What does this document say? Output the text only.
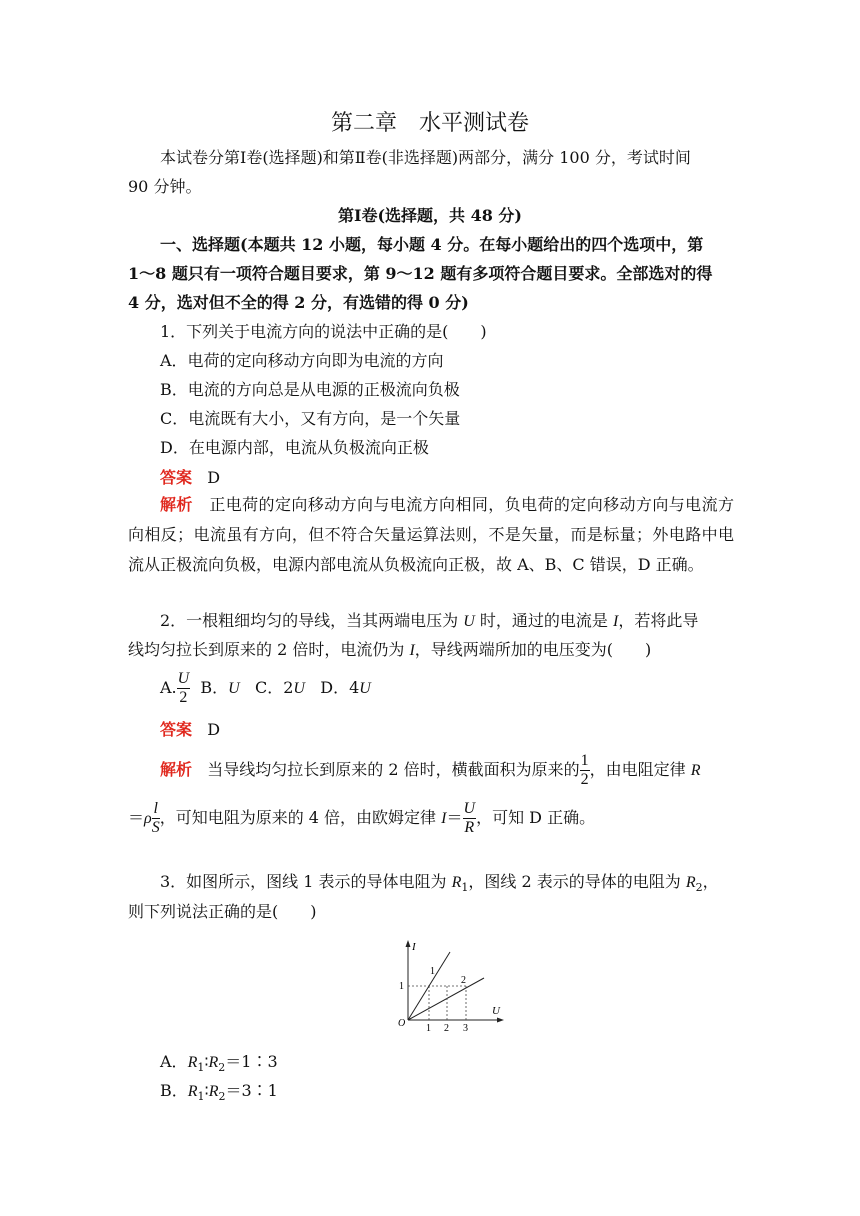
第二章　水平测试卷
本试卷分第Ⅰ卷(选择题)和第Ⅱ卷(非选择题)两部分，满分 100 分，考试时间
90 分钟。
第Ⅰ卷(选择题，共 48 分)
一、选择题(本题共 12 小题，每小题 4 分。在每小题给出的四个选项中，第
1～8 题只有一项符合题目要求，第 9～12 题有多项符合题目要求。全部选对的得
4 分，选对但不全的得 2 分，有选错的得 0 分)
1．下列关于电流方向的说法中正确的是(　　)
A．电荷的定向移动方向即为电流的方向
B．电流的方向总是从电源的正极流向负极
C．电流既有大小，又有方向，是一个矢量
D．在电源内部，电流从负极流向正极
答案 D
解析 正电荷的定向移动方向与电流方向相同，负电荷的定向移动方向与电流方向相反；电流虽有方向，但不符合矢量运算法则，不是矢量，而是标量；外电路中电流从正极流向负极，电源内部电流从负极流向正极，故 A、B、C 错误，D 正确。
2．一根粗细均匀的导线，当其两端电压为 U 时，通过的电流是 I，若将此导
线均匀拉长到原来的 2 倍时，电流仍为 I，导线两端所加的电压变为(　　)
A. $\frac{U}{2}$ B．U C．2U D．4U
答案 D
解析 当导线均匀拉长到原来的 2 倍时，横截面积为原来的 $\frac{1}{2}$ ，由电阻定律 R
$=\rho \frac{l}{S}$ ，可知电阻为原来的 4 倍，由欧姆定律 $I= \frac{U}{R}$ ，可知 D 正确。
3．如图所示，图线 1 表示的导体电阻为 $R_1$，图线 2 表示的导体的电阻为 $R_2$，
则下列说法正确的是(　　)
I
U
O
1
1 2 3
1
2
A．$R_1∶R_2=1∶3$
B．$R_1∶R_2=3∶1$
